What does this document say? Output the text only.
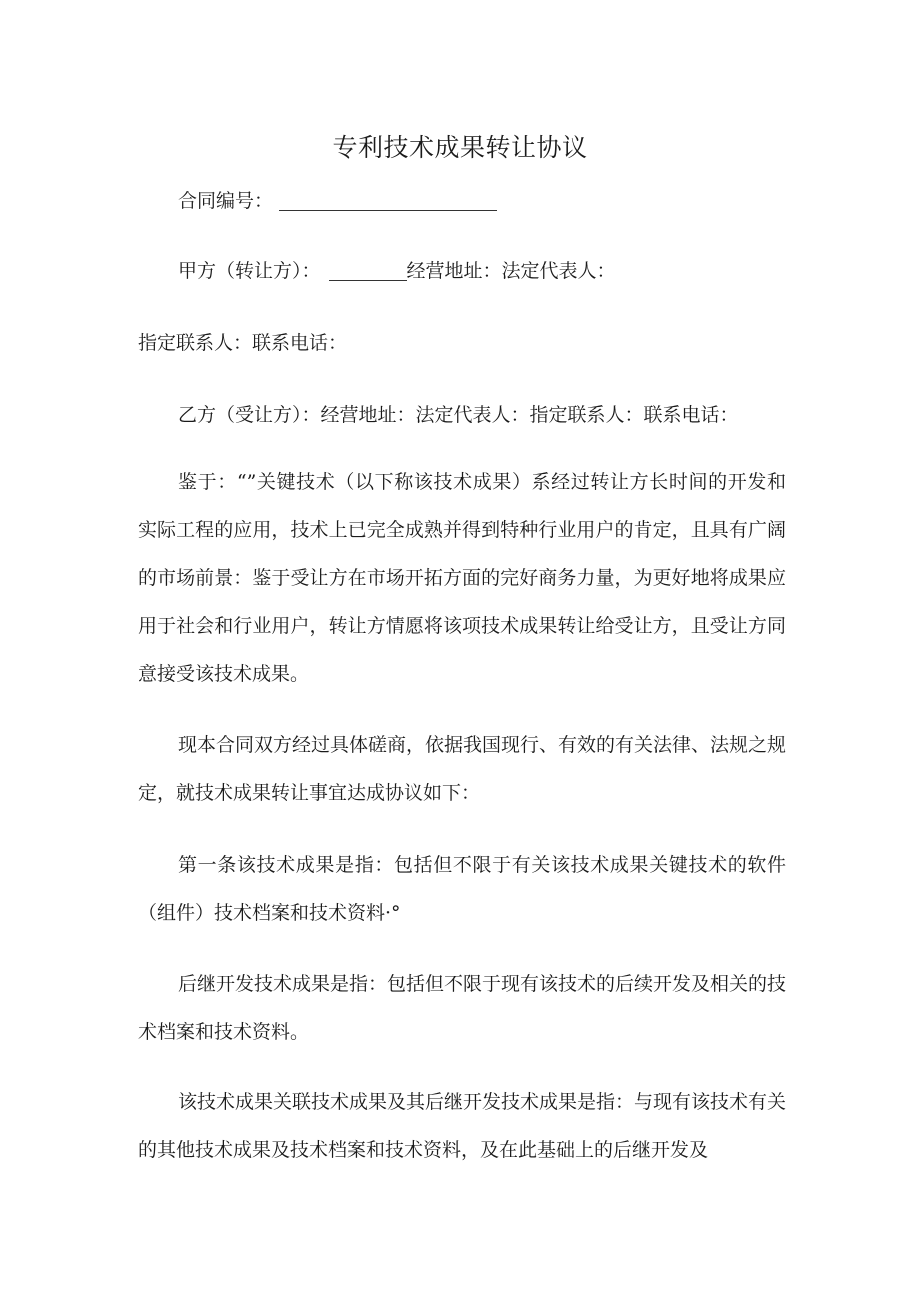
专利技术成果转让协议

合同编号：

甲方（转让方）：	经营地址：法定代表人：

指定联系人：联系电话：

乙方（受让方）：经营地址：法定代表人：指定联系人：联系电话：

鉴于：“”关键技术（以下称该技术成果）系经过转让方长时间的开发和实际工程的应用，技术上已完全成熟并得到特种行业用户的肯定，且具有广阔的市场前景：鉴于受让方在市场开拓方面的完好商务力量，为更好地将成果应用于社会和行业用户，转让方情愿将该项技术成果转让给受让方，且受让方同意接受该技术成果。

现本合同双方经过具体磋商，依据我国现行、有效的有关法律、法规之规定，就技术成果转让事宜达成协议如下：

第一条该技术成果是指：包括但不限于有关该技术成果关键技术的软件（组件）技术档案和技术资料·°

后继开发技术成果是指：包括但不限于现有该技术的后续开发及相关的技术档案和技术资料。

该技术成果关联技术成果及其后继开发技术成果是指：与现有该技术有关的其他技术成果及技术档案和技术资料，及在此基础上的后继开发及
